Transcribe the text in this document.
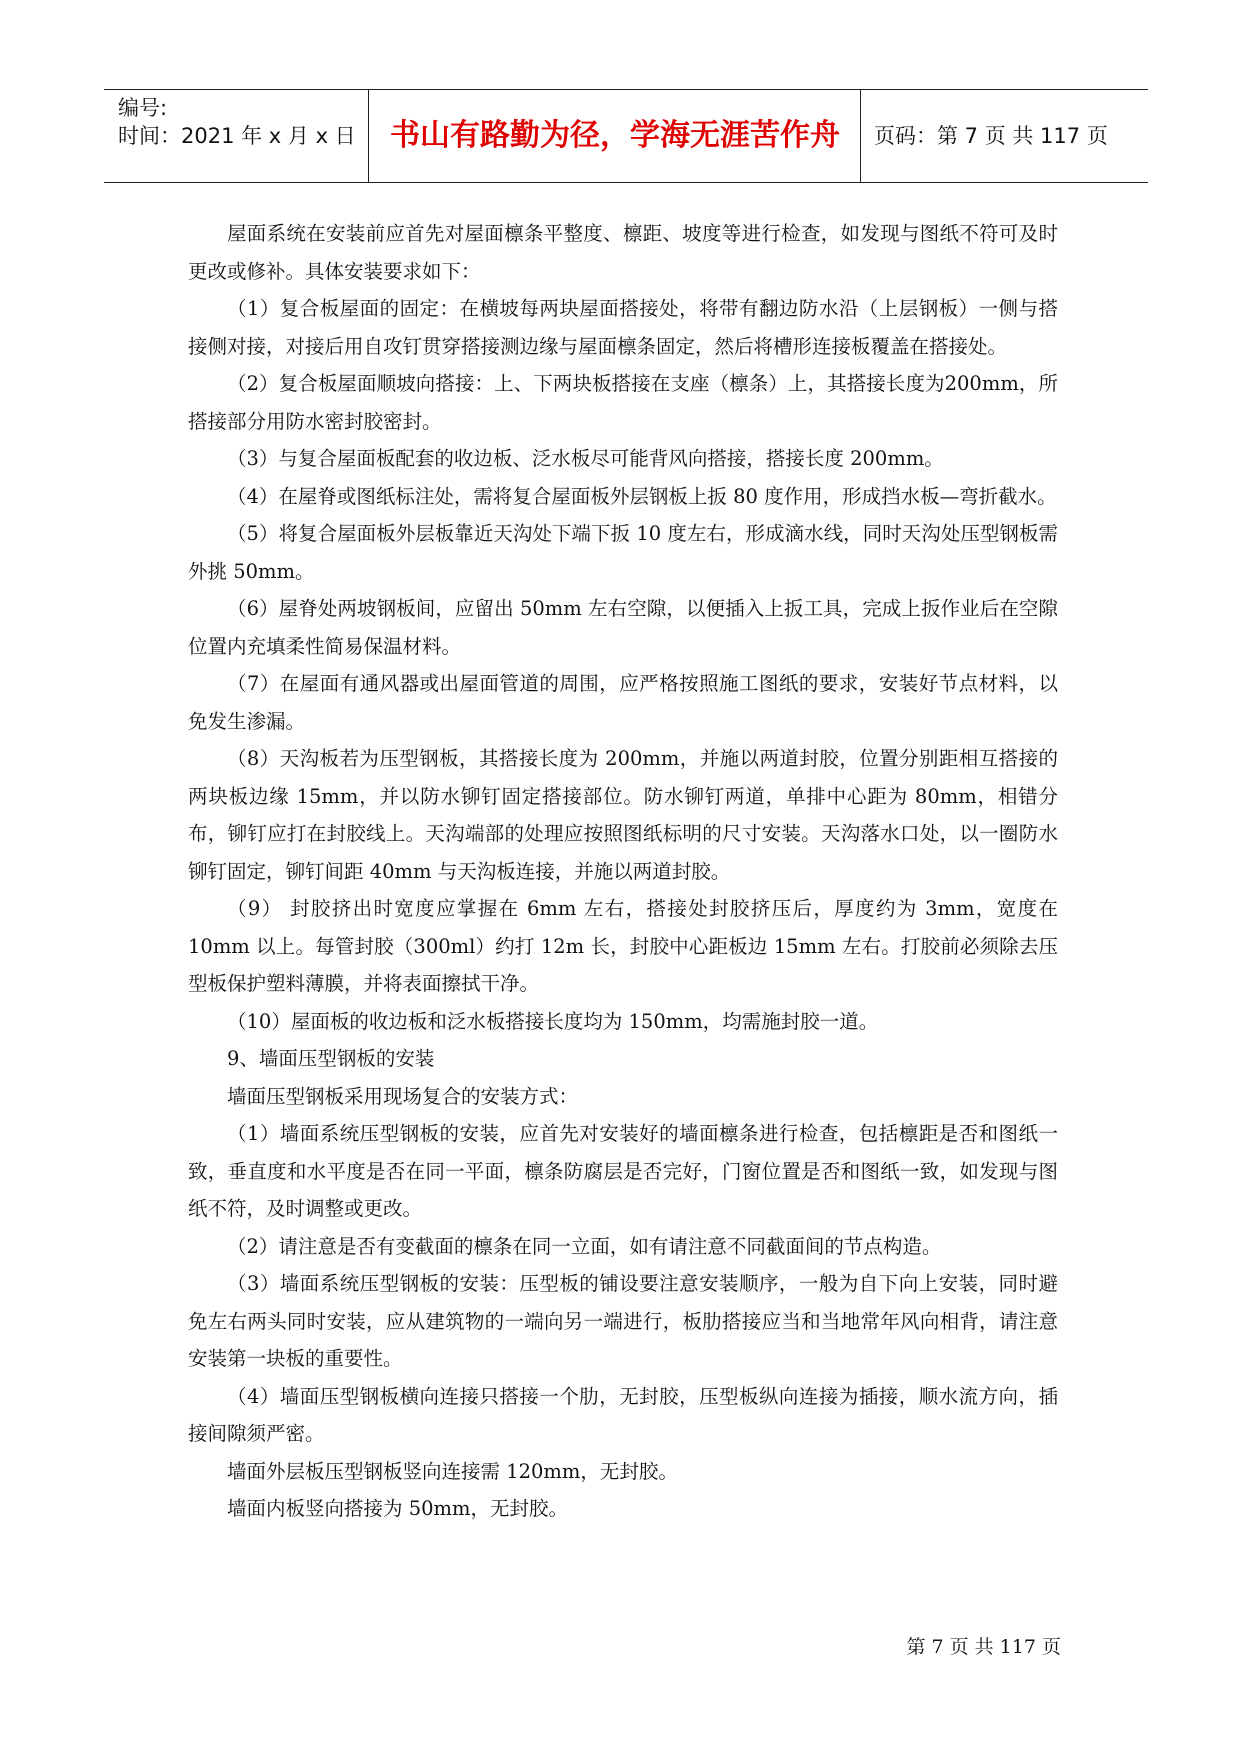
编号:
时间：2021 年 x 月 x 日	书山有路勤为径，学海无涯苦作舟	页码：第 7 页 共 117 页

屋面系统在安装前应首先对屋面檩条平整度、檩距、坡度等进行检查，如发现与图纸不符可及时更改或修补。具体安装要求如下：

（1）复合板屋面的固定：在横坡每两块屋面搭接处，将带有翻边防水沿（上层钢板）一侧与搭接侧对接，对接后用自攻钉贯穿搭接测边缘与屋面檩条固定，然后将槽形连接板覆盖在搭接处。

（2）复合板屋面顺坡向搭接：上、下两块板搭接在支座（檩条）上，其搭接长度为200mm，所搭接部分用防水密封胶密封。

（3）与复合屋面板配套的收边板、泛水板尽可能背风向搭接，搭接长度 200mm。

（4）在屋脊或图纸标注处，需将复合屋面板外层钢板上扳 80 度作用，形成挡水板—弯折截水。

（5）将复合屋面板外层板靠近天沟处下端下扳 10 度左右，形成滴水线，同时天沟处压型钢板需外挑 50mm。

（6）屋脊处两坡钢板间，应留出 50mm 左右空隙，以便插入上扳工具，完成上扳作业后在空隙位置内充填柔性简易保温材料。

（7）在屋面有通风器或出屋面管道的周围，应严格按照施工图纸的要求，安装好节点材料，以免发生渗漏。

（8）天沟板若为压型钢板，其搭接长度为 200mm，并施以两道封胶，位置分别距相互搭接的两块板边缘 15mm，并以防水铆钉固定搭接部位。防水铆钉两道，单排中心距为 80mm，相错分布，铆钉应打在封胶线上。天沟端部的处理应按照图纸标明的尺寸安装。天沟落水口处，以一圈防水铆钉固定，铆钉间距 40mm 与天沟板连接，并施以两道封胶。

（9） 封胶挤出时宽度应掌握在 6mm 左右，搭接处封胶挤压后，厚度约为 3mm，宽度在 10mm 以上。每管封胶（300ml）约打 12m 长，封胶中心距板边 15mm 左右。打胶前必须除去压型板保护塑料薄膜，并将表面擦拭干净。

（10）屋面板的收边板和泛水板搭接长度均为 150mm，均需施封胶一道。

9、墙面压型钢板的安装

墙面压型钢板采用现场复合的安装方式：

（1）墙面系统压型钢板的安装，应首先对安装好的墙面檩条进行检查，包括檩距是否和图纸一致，垂直度和水平度是否在同一平面，檩条防腐层是否完好，门窗位置是否和图纸一致，如发现与图纸不符，及时调整或更改。

（2）请注意是否有变截面的檩条在同一立面，如有请注意不同截面间的节点构造。

（3）墙面系统压型钢板的安装：压型板的铺设要注意安装顺序，一般为自下向上安装，同时避免左右两头同时安装，应从建筑物的一端向另一端进行，板肋搭接应当和当地常年风向相背，请注意安装第一块板的重要性。

（4）墙面压型钢板横向连接只搭接一个肋，无封胶，压型板纵向连接为插接，顺水流方向，插接间隙须严密。

墙面外层板压型钢板竖向连接需 120mm，无封胶。

墙面内板竖向搭接为 50mm，无封胶。

第 7 页 共 117 页
